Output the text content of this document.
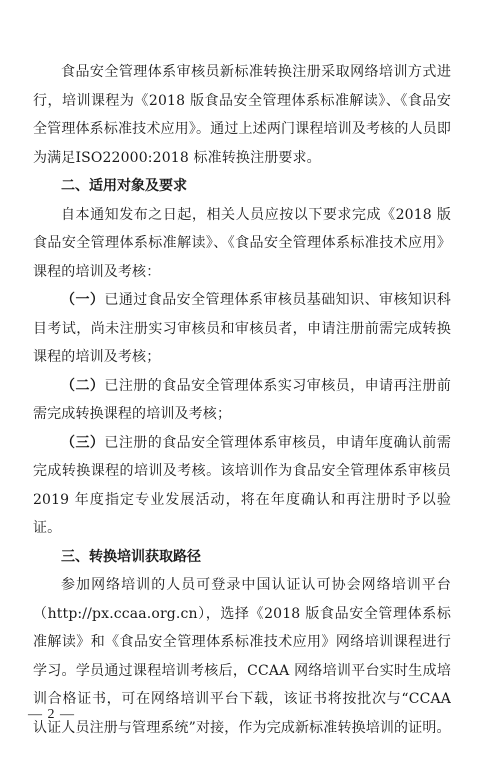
食品安全管理体系审核员新标准转换注册采取网络培训方式进行，培训课程为《2018 版食品安全管理体系标准解读》、《食品安全管理体系标准技术应用》。通过上述两门课程培训及考核的人员即为满足ISO22000:2018 标准转换注册要求。

二、适用对象及要求

自本通知发布之日起，相关人员应按以下要求完成《2018 版食品安全管理体系标准解读》、《食品安全管理体系标准技术应用》课程的培训及考核：

（一）已通过食品安全管理体系审核员基础知识、审核知识科目考试，尚未注册实习审核员和审核员者，申请注册前需完成转换课程的培训及考核；

（二）已注册的食品安全管理体系实习审核员，申请再注册前需完成转换课程的培训及考核；

（三）已注册的食品安全管理体系审核员，申请年度确认前需完成转换课程的培训及考核。该培训作为食品安全管理体系审核员2019 年度指定专业发展活动，将在年度确认和再注册时予以验证。

三、转换培训获取路径

参加网络培训的人员可登录中国认证认可协会网络培训平台（http://px.ccaa.org.cn），选择《2018 版食品安全管理体系标准解读》和《食品安全管理体系标准技术应用》网络培训课程进行学习。学员通过课程培训考核后，CCAA 网络培训平台实时生成培训合格证书，可在网络培训平台下载，该证书将按批次与“CCAA 认证人员注册与管理系统”对接，作为完成新标准转换培训的证明。

— 2 —
